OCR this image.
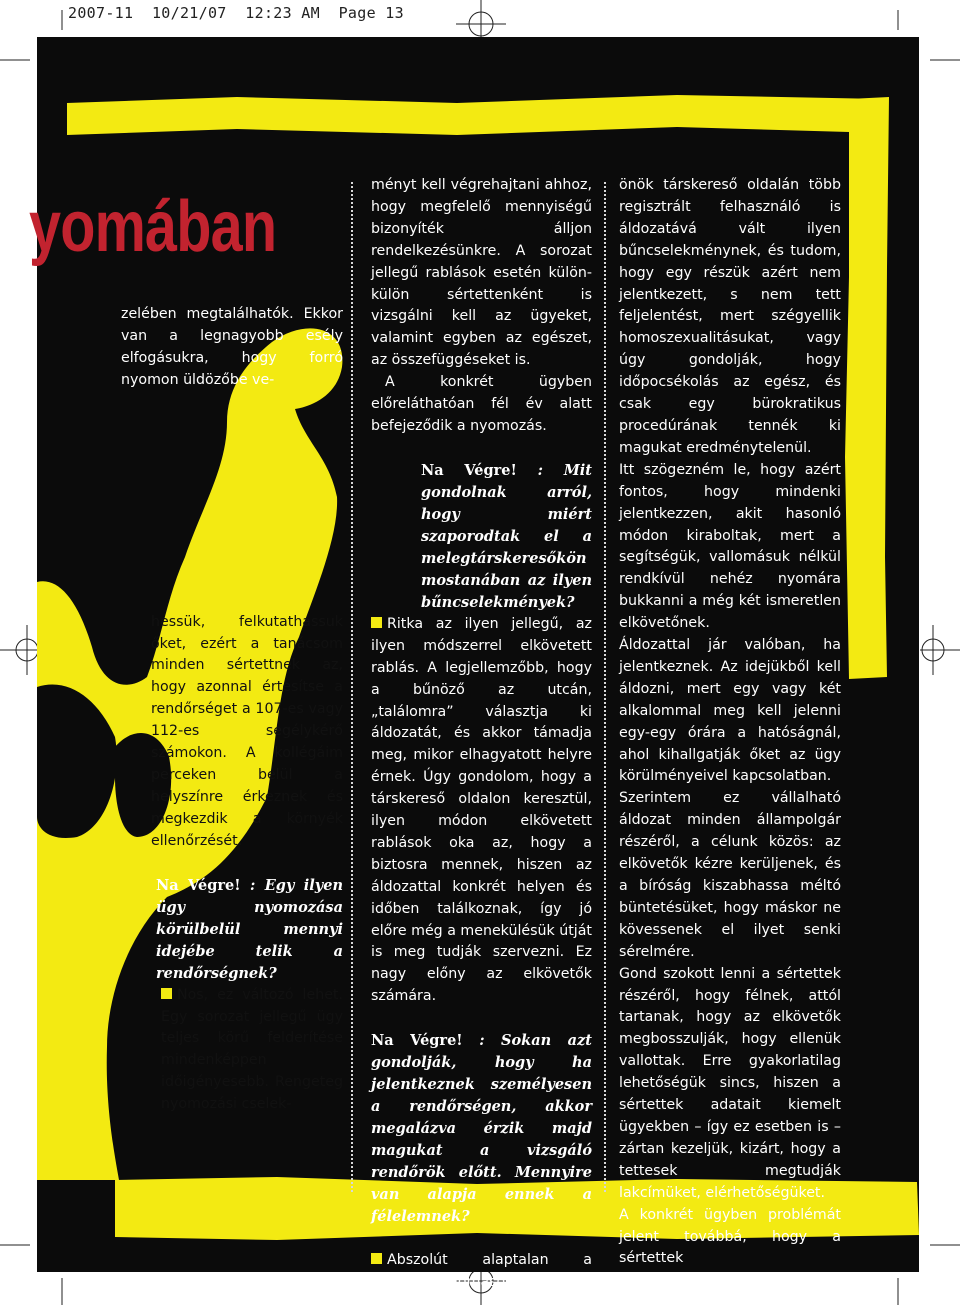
2007-11  10/21/07  12:23 AM  Page 13
yomában

zelében megtalálhatók. Ekkor van a legnagyobb esély elfogásukra, hogy forró nyomon üldözőbe ve-

hessük, felkutathassuk őket, ezért a tanácsom minden sértettnek az, hogy azonnal értesítse a rendőrséget a 107-es vagy 112-es segélykérő számokon. A kollégáim perceken belül a helyszínre érkeznek és megkezdik a környék ellenőrzését.

Na Végre! : Egy ilyen ügy nyomozása körülbelül mennyi idejébe telik a rendőrségnek?

Nos, ez változó lehet. Egy sorozat jellegű ügy teljes körű felderítése mindenképpen időigényesebb. Rengeteg nyomozási cselek-

ményt kell végrehajtani ahhoz, hogy megfelelő mennyiségű bizonyíték álljon rendelkezésünkre. A sorozat jellegű rablások esetén külön-külön sértettenként is vizsgálni kell az ügyeket, valamint egyben az egészet, az összefüggéseket is.

A konkrét ügyben előreláthatóan fél év alatt befejeződik a nyomozás.

Na Végre! : Mit gondolnak arról, hogy miért szaporodtak el a melegtárskeresőkön mostanában az ilyen bűncselekmények?

Ritka az ilyen jellegű, az ilyen módszerrel elkövetett rablás. A legjellemzőbb, hogy a bűnöző az utcán, „találomra” választja ki áldozatát, és akkor támadja meg, mikor elhagyatott helyre érnek. Úgy gondolom, hogy a társkereső oldalon keresztül, ilyen módon elkövetett rablások oka az, hogy a biztosra mennek, hiszen az áldozattal konkrét helyen és időben találkoznak, így jó előre még a menekülésük útját is meg tudják szervezni. Ez nagy előny az elkövetők számára.

Na Végre! : Sokan azt gondolják, hogy ha jelentkeznek személyesen a rendőrségen, akkor megalázva érzik majd magukat a vizsgáló rendőrök előtt. Mennyire van alapja ennek a félelemnek?

Abszolút alaptalan a félelem. Tudomásom van arról, hogy az

önök társkereső oldalán több regisztrált felhasználó is áldozatává vált ilyen bűncselekménynek, és tudom, hogy egy részük azért nem jelentkezett, s nem tett feljelentést, mert szégyellik homoszexualitásukat, vagy úgy gondolják, hogy időpocsékolás az egész, és csak egy bürokratikus procedúrának tennék ki magukat eredménytelenül.

Itt szögezném le, hogy azért fontos, hogy mindenki jelentkezzen, akit hasonló módon kiraboltak, mert a segítségük, vallomásuk nélkül rendkívül nehéz nyomára bukkanni a még két ismeretlen elkövetőnek.

Áldozattal jár valóban, ha jelentkeznek. Az idejükből kell áldozni, mert egy vagy két alkalommal meg kell jelenni egy-egy órára a hatóságnál, ahol kihallgatják őket az ügy körülményeivel kapcsolatban.

Szerintem ez vállalható áldozat minden állampolgár részéről, a célunk közös: az elkövetők kézre kerüljenek, és a bíróság kiszabhassa méltó büntetésüket, hogy máskor ne kövessenek el ilyet senki sérelmére.

Gond szokott lenni a sértettek részéről, hogy félnek, attól tartanak, hogy az elkövetők megbosszulják, hogy ellenük vallottak. Erre gyakorlatilag lehetőségük sincs, hiszen a sértettek adatait kiemelt ügyekben – így ez esetben is – zártan kezeljük, kizárt, hogy a tettesek megtudják lakcímüket, elérhetőségüket.

A konkrét ügyben problémát jelent továbbá, hogy a sértettek
